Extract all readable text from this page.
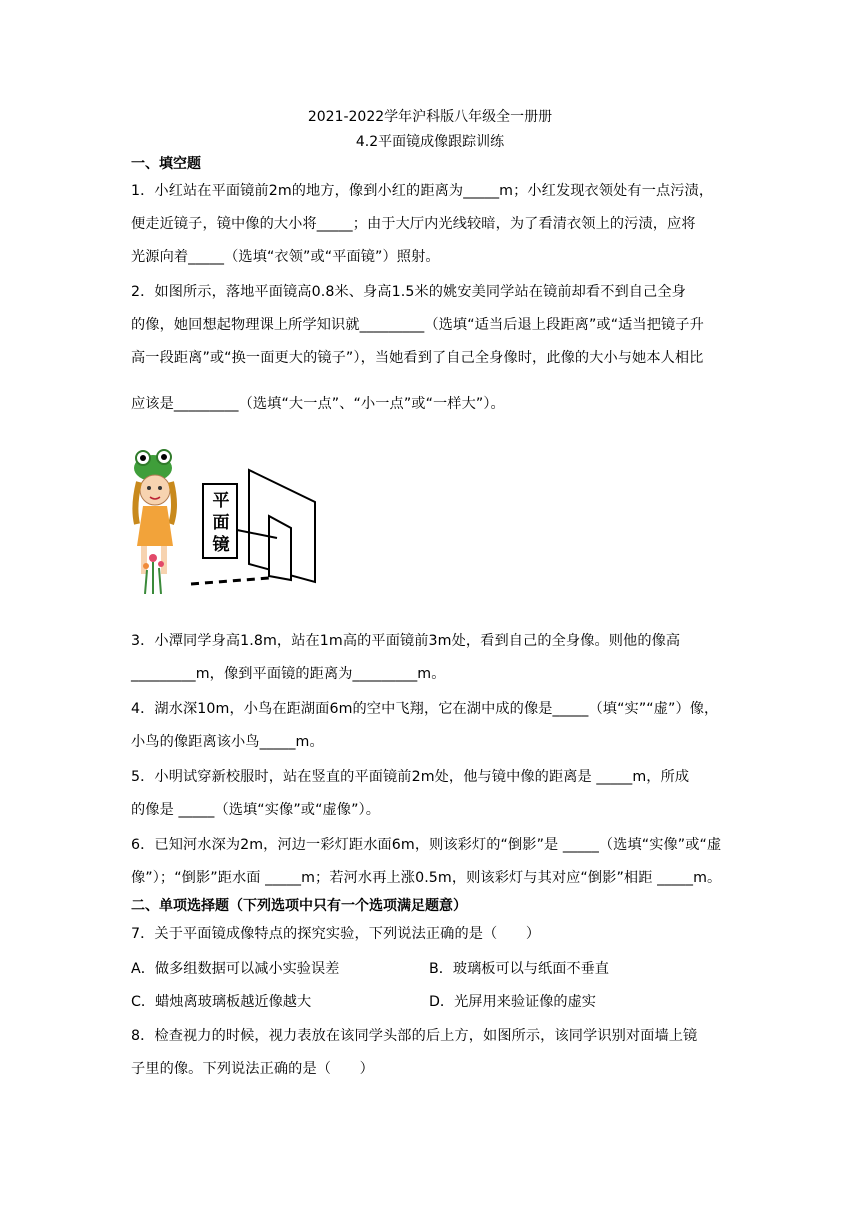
2021-2022学年沪科版八年级全一册册
4.2平面镜成像跟踪训练
一、填空题
1．小红站在平面镜前2m的地方，像到小红的距离为_____m；小红发现衣领处有一点污渍，
便走近镜子，镜中像的大小将_____；由于大厅内光线较暗，为了看清衣领上的污渍，应将
光源向着_____（选填“衣领”或“平面镜”）照射。
2．如图所示，落地平面镜高0.8米、身高1.5米的姚安美同学站在镜前却看不到自己全身
的像，她回想起物理课上所学知识就_________（选填“适当后退上段距离”或“适当把镜子升
高一段距离”或“换一面更大的镜子”），当她看到了自己全身像时，此像的大小与她本人相比
应该是_________（选填“大一点”、“小一点”或“一样大”）。
平
面
镜
3．小潭同学身高1.8m，站在1m高的平面镜前3m处，看到自己的全身像。则他的像高
_________m，像到平面镜的距离为_________m。
4．湖水深10m，小鸟在距湖面6m的空中飞翔，它在湖中成的像是_____（填“实”“虚”）像，
小鸟的像距离该小鸟_____m。
5．小明试穿新校服时，站在竖直的平面镜前2m处，他与镜中像的距离是 _____m，所成
的像是 _____（选填“实像”或“虚像”）。
6．已知河水深为2m，河边一彩灯距水面6m，则该彩灯的“倒影”是 _____（选填“实像”或“虚
像”）；“倒影”距水面 _____m；若河水再上涨0.5m，则该彩灯与其对应“倒影”相距 _____m。
二、单项选择题（下列选项中只有一个选项满足题意）
7．关于平面镜成像特点的探究实验，下列说法正确的是（　　）
A．做多组数据可以减小实验误差	B．玻璃板可以与纸面不垂直
C．蜡烛离玻璃板越近像越大	D．光屏用来验证像的虚实
8．检查视力的时候，视力表放在该同学头部的后上方，如图所示，该同学识别对面墙上镜
子里的像。下列说法正确的是（　　）
